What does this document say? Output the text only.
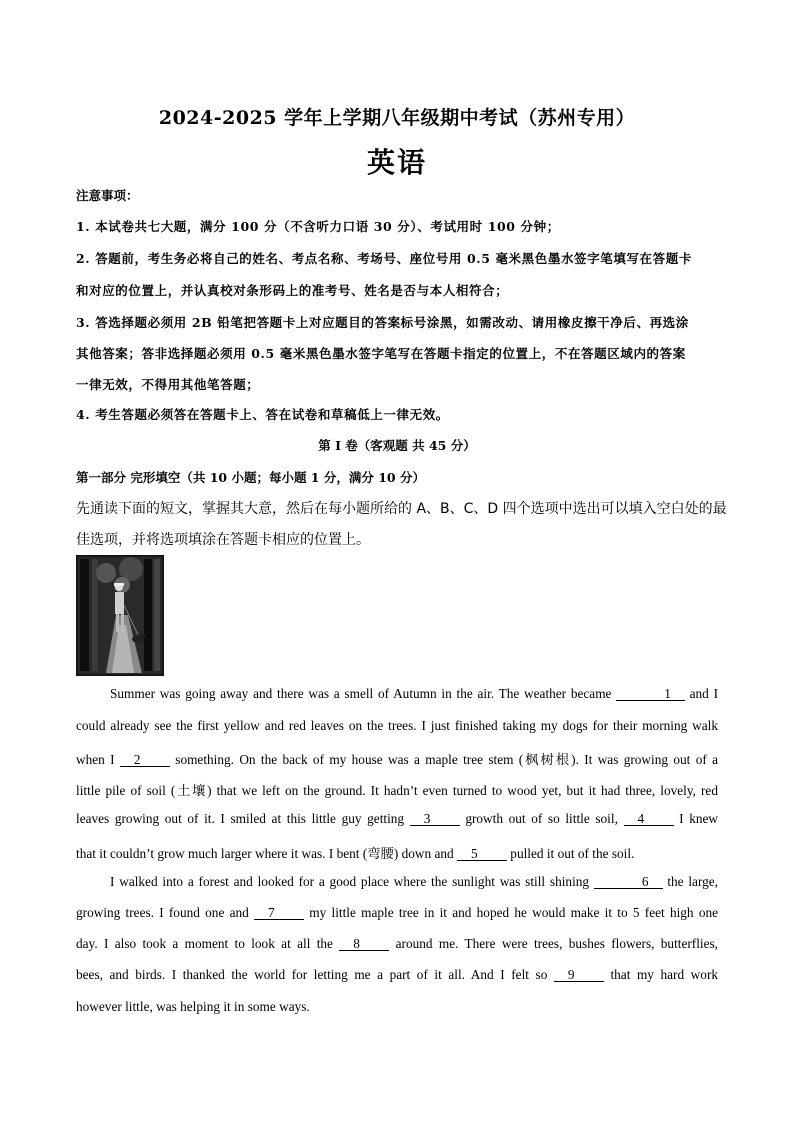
2024-2025 学年上学期八年级期中考试（苏州专用）
英语
注意事项：
1. 本试卷共七大题，满分 100 分（不含听力口语 30 分）、考试用时 100 分钟；
2. 答题前，考生务必将自己的姓名、考点名称、考场号、座位号用 0.5 毫米黑色墨水签字笔填写在答题卡
和对应的位置上，并认真校对条形码上的准考号、姓名是否与本人相符合；
3. 答选择题必须用 2B 铅笔把答题卡上对应题目的答案标号涂黑，如需改动、请用橡皮擦干净后、再选涂
其他答案；答非选择题必须用 0.5 毫米黑色墨水签字笔写在答题卡指定的位置上，不在答题区域内的答案
一律无效，不得用其他笔答题；
4. 考生答题必须答在答题卡上、答在试卷和草稿低上一律无效。
第 I 卷（客观题 共 45 分）
第一部分 完形填空（共 10 小题；每小题 1 分，满分 10 分）
先通读下面的短文，掌握其大意，然后在每小题所给的 A、B、C、D 四个选项中选出可以填入空白处的最
佳选项，并将选项填涂在答题卡相应的位置上。
Summer was going away and there was a smell of Autumn in the air. The weather became	1 and I
could already see the first yellow and red leaves on the trees. I just finished taking my dogs for their morning walk
when I 2	something. On the back of my house was a maple tree stem (枫树根). It was growing out of a
little pile of soil (土壤) that we left on the ground. It hadn’t even turned to wood yet, but it had three, lovely, red
leaves growing out of it. I smiled at this little guy getting 3	growth out of so little soil, 4	I knew
that it couldn’t grow much larger where it was. I bent (弯腰) down and 5 pulled it out of the soil.
I walked into a forest and looked for a good place where the sunlight was still shining	6 the large,
growing trees. I found one and 7	my little maple tree in it and hoped he would make it to 5 feet high one
day. I also took a moment to look at all the 8	around me. There were trees, bushes flowers, butterflies,
bees, and birds. I thanked the world for letting me a part of it all. And I felt so 9	that my hard work
however little, was helping it in some ways.
